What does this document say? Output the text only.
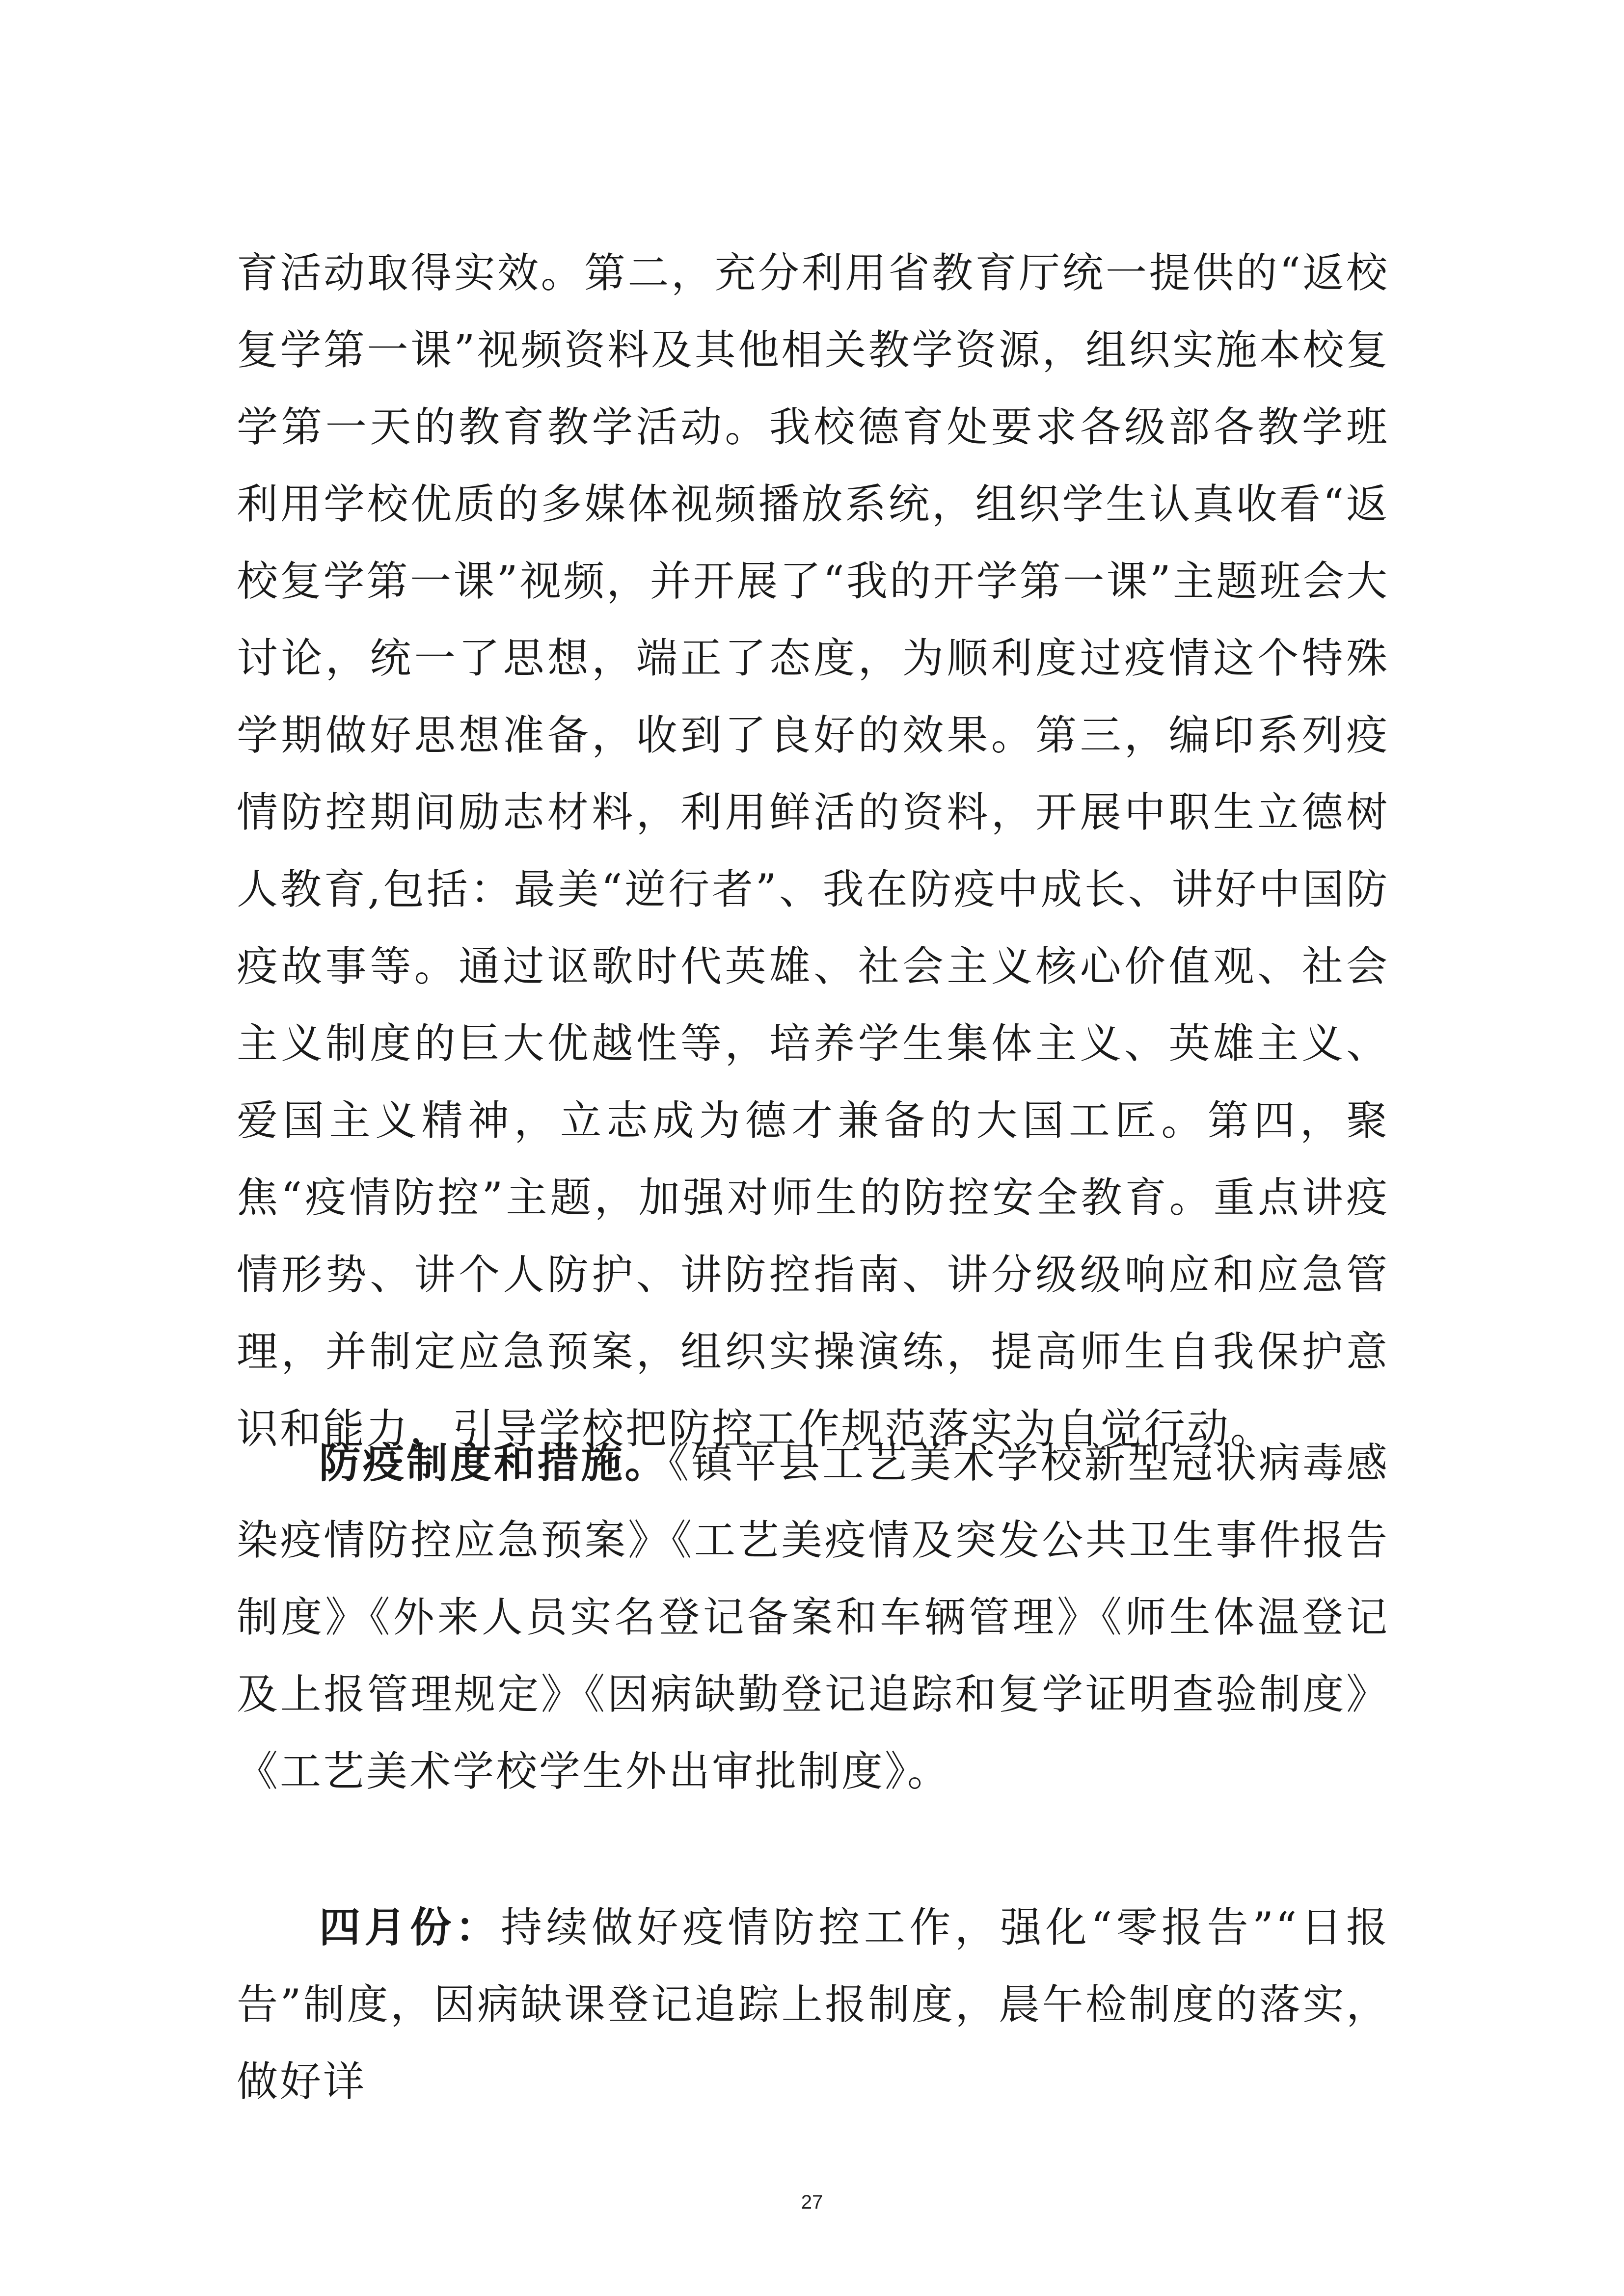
育活动取得实效。第二，充分利用省教育厅统一提供的“返校复学第一课”视频资料及其他相关教学资源，组织实施本校复学第一天的教育教学活动。我校德育处要求各级部各教学班利用学校优质的多媒体视频播放系统，组织学生认真收看“返校复学第一课”视频，并开展了“我的开学第一课”主题班会大讨论，统一了思想，端正了态度，为顺利度过疫情这个特殊学期做好思想准备，收到了良好的效果。第三，编印系列疫情防控期间励志材料，利用鲜活的资料，开展中职生立德树人教育,包括：最美“逆行者”、我在防疫中成长、讲好中国防疫故事等。通过讴歌时代英雄、社会主义核心价值观、社会主义制度的巨大优越性等，培养学生集体主义、英雄主义、爱国主义精神，立志成为德才兼备的大国工匠。第四，聚焦“疫情防控”主题，加强对师生的防控安全教育。重点讲疫情形势、讲个人防护、讲防控指南、讲分级级响应和应急管理，并制定应急预案，组织实操演练，提高师生自我保护意识和能力，引导学校把防控工作规范落实为自觉行动。

防疫制度和措施。《镇平县工艺美术学校新型冠状病毒感染疫情防控应急预案》《工艺美疫情及突发公共卫生事件报告制度》《外来人员实名登记备案和车辆管理》《师生体温登记及上报管理规定》《因病缺勤登记追踪和复学证明查验制度》《工艺美术学校学生外出审批制度》。

四月份：持续做好疫情防控工作，强化“零报告”“日报告”制度，因病缺课登记追踪上报制度，晨午检制度的落实，做好详

27
